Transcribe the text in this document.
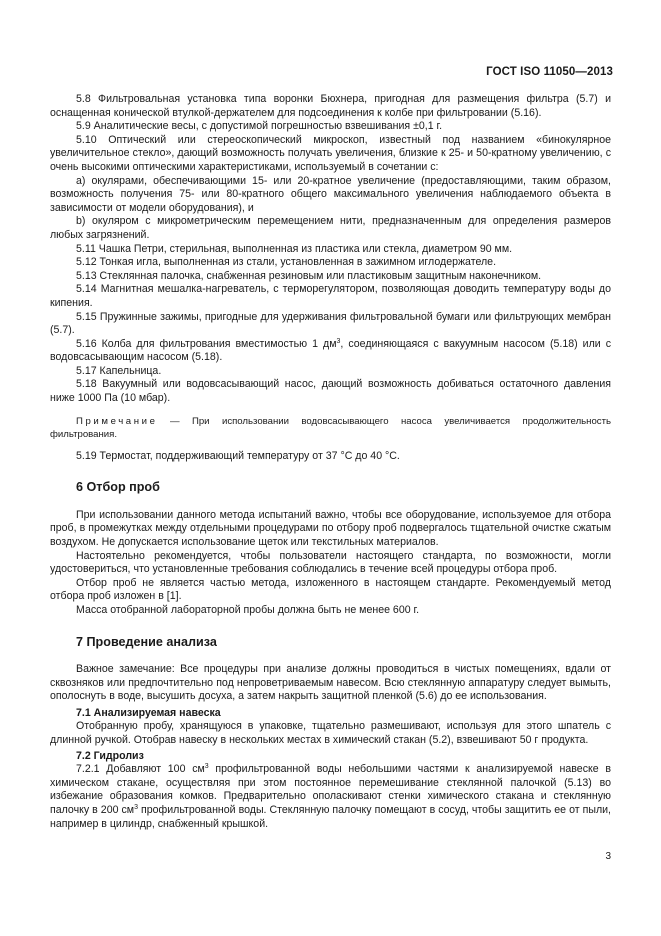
ГОСТ ISO 11050—2013

5.8 Фильтровальная установка типа воронки Бюхнера, пригодная для размещения фильтра (5.7) и оснащенная конической втулкой-держателем для подсоединения к колбе при фильтровании (5.16).

5.9 Аналитические весы, с допустимой погрешностью взвешивания ±0,1 г.

5.10 Оптический или стереоскопический микроскоп, известный под названием «бинокулярное увеличительное стекло», дающий возможность получать увеличения, близкие к 25- и 50-кратному увеличению, с очень высокими оптическими характеристиками, используемый в сочетании с:

а) окулярами, обеспечивающими 15- или 20-кратное увеличение (предоставляющими, таким образом, возможность получения 75- или 80-кратного общего максимального увеличения наблюдаемого объекта в зависимости от модели оборудования), и

b) окуляром с микрометрическим перемещением нити, предназначенным для определения размеров любых загрязнений.

5.11 Чашка Петри, стерильная, выполненная из пластика или стекла, диаметром 90 мм.

5.12 Тонкая игла, выполненная из стали, установленная в зажимном иглодержателе.

5.13 Стеклянная палочка, снабженная резиновым или пластиковым защитным наконечником.

5.14 Магнитная мешалка-нагреватель, с терморегулятором, позволяющая доводить температуру воды до кипения.

5.15 Пружинные зажимы, пригодные для удерживания фильтровальной бумаги или фильтрующих мембран (5.7).

5.16 Колба для фильтрования вместимостью 1 $дм^3$, соединяющаяся с вакуумным насосом (5.18) или с водовсасывающим насосом (5.18).

5.17 Капельница.

5.18 Вакуумный или водовсасывающий насос, дающий возможность добиваться остаточного давления ниже 1000 Па (10 мбар).

Примечание — При использовании водовсасывающего насоса увеличивается продолжительность фильтрования.

5.19 Термостат, поддерживающий температуру от 37 °С до 40 °С.

6 Отбор проб

При использовании данного метода испытаний важно, чтобы все оборудование, используемое для отбора проб, в промежутках между отдельными процедурами по отбору проб подвергалось тщательной очистке сжатым воздухом. Не допускается использование щеток или текстильных материалов.

Настоятельно рекомендуется, чтобы пользователи настоящего стандарта, по возможности, могли удостовериться, что установленные требования соблюдались в течение всей процедуры отбора проб.

Отбор проб не является частью метода, изложенного в настоящем стандарте. Рекомендуемый метод отбора проб изложен в [1].

Масса отобранной лабораторной пробы должна быть не менее 600 г.

7 Проведение анализа

Важное замечание: Все процедуры при анализе должны проводиться в чистых помещениях, вдали от сквозняков или предпочтительно под непроветриваемым навесом. Всю стеклянную аппаратуру следует вымыть, ополоснуть в воде, высушить досуха, а затем накрыть защитной пленкой (5.6) до ее использования.

7.1 Анализируемая навеска

Отобранную пробу, хранящуюся в упаковке, тщательно размешивают, используя для этого шпатель с длинной ручкой. Отобрав навеску в нескольких местах в химический стакан (5.2), взвешивают 50 г продукта.

7.2 Гидролиз

7.2.1 Добавляют 100 $см^3$ профильтрованной воды небольшими частями к анализируемой навеске в химическом стакане, осуществляя при этом постоянное перемешивание стеклянной палочкой (5.13) во избежание образования комков. Предварительно ополаскивают стенки химического стакана и стеклянную палочку в 200 $см^3$ профильтрованной воды. Стеклянную палочку помещают в сосуд, чтобы защитить ее от пыли, например в цилиндр, снабженный крышкой.

3
